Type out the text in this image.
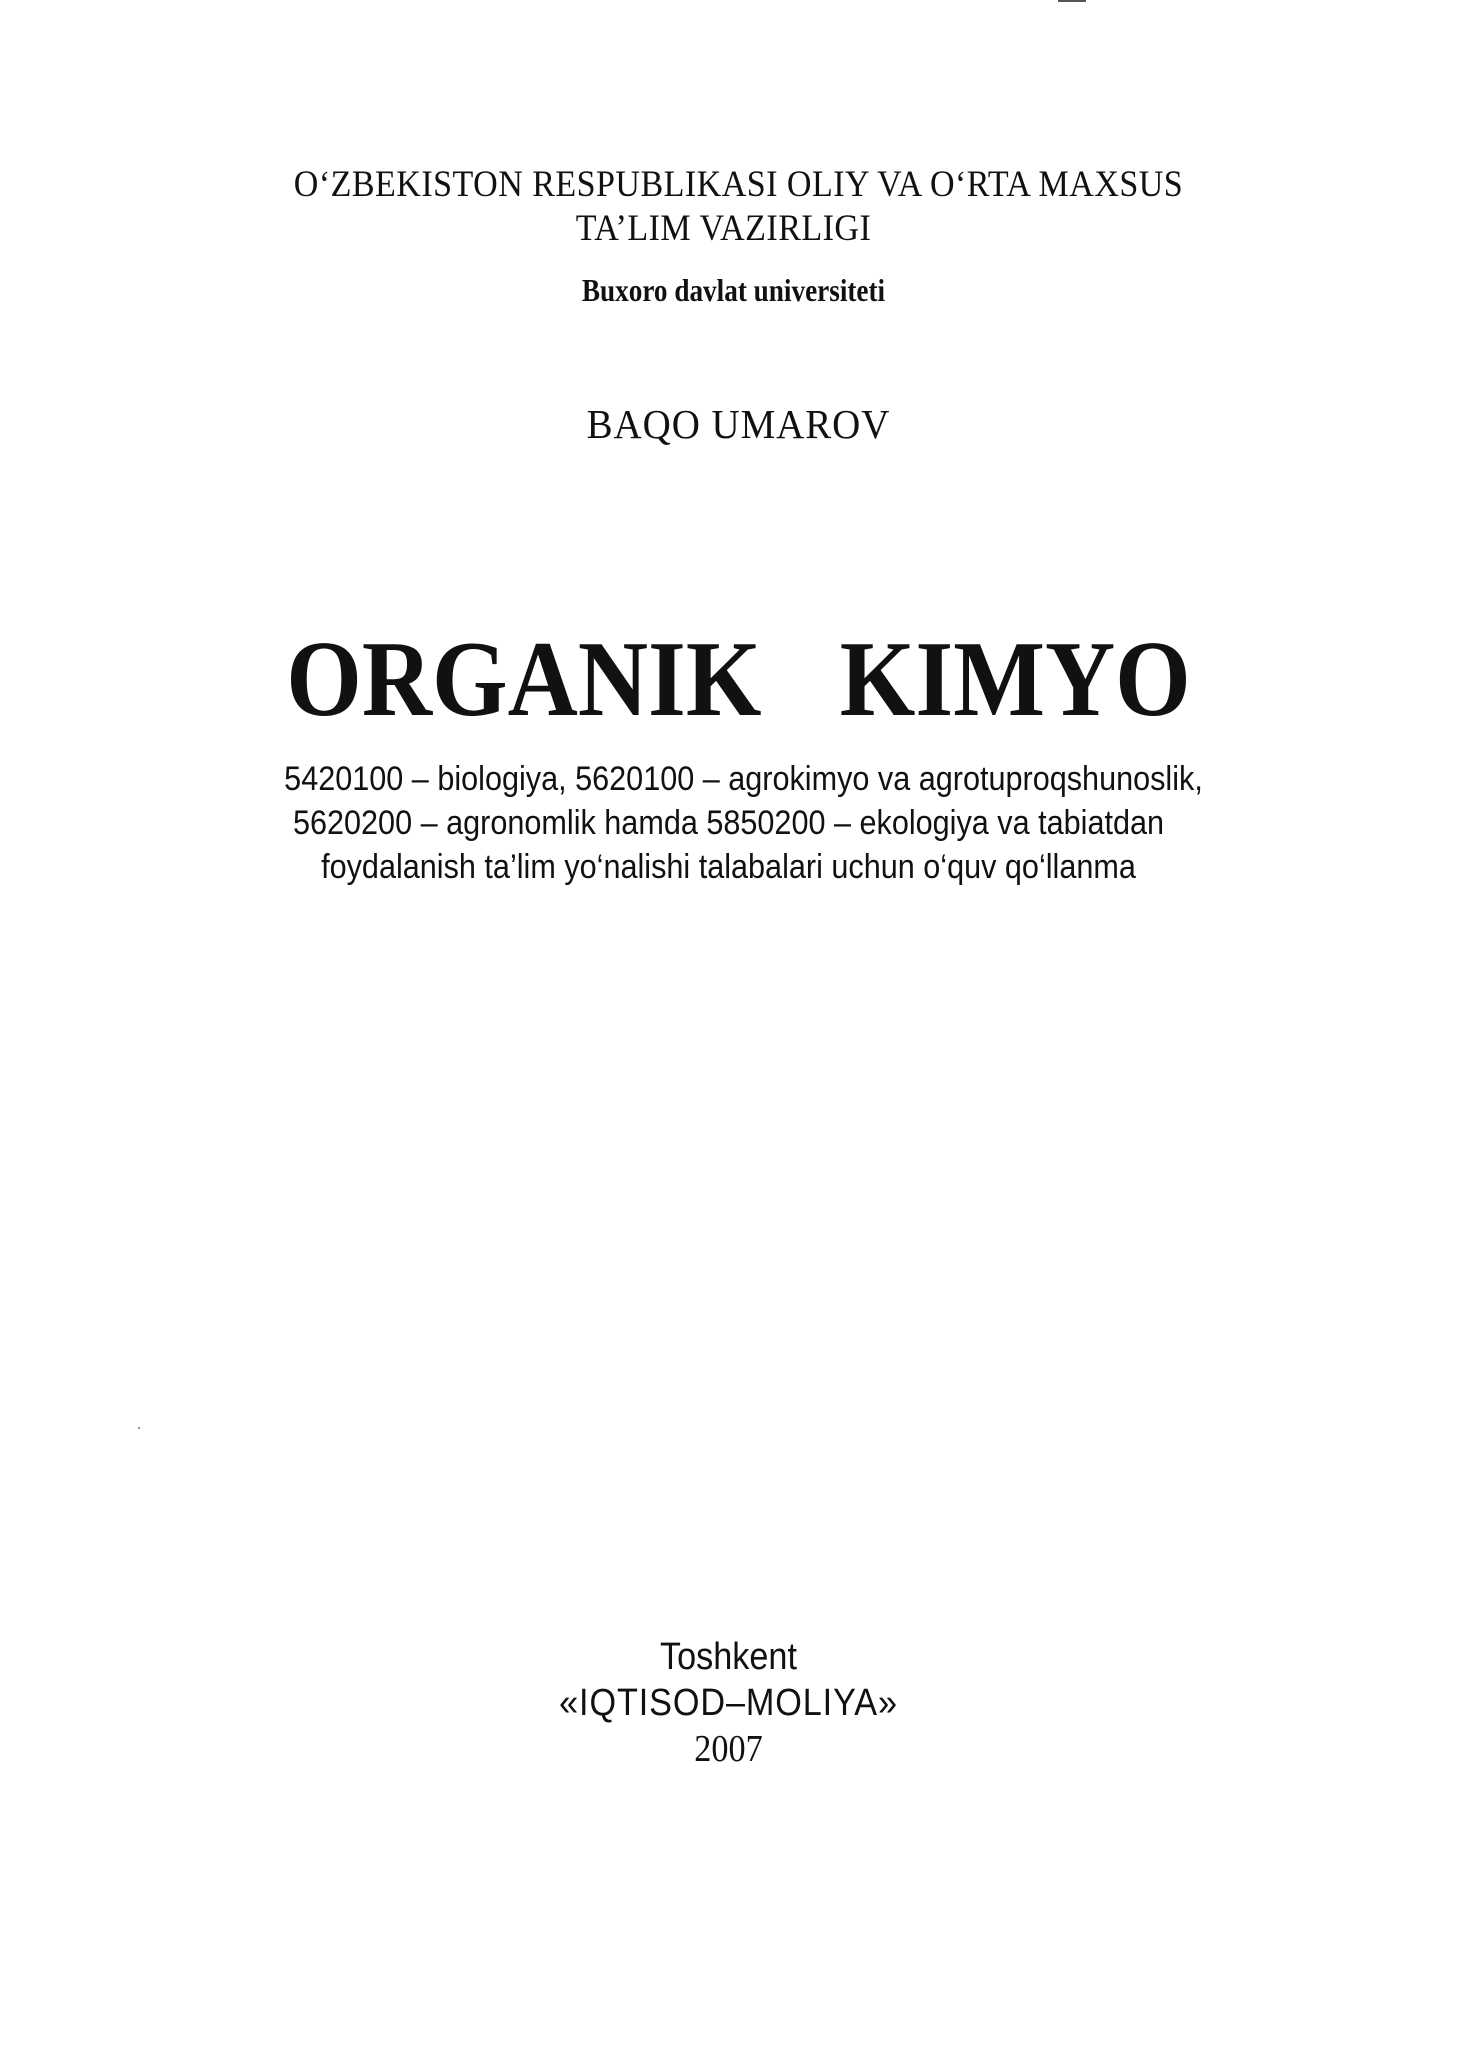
O‘ZBEKISTON RESPUBLIKASI OLIY VA O‘RTA MAXSUS
TA’LIM VAZIRLIGI
Buxoro davlat universiteti
BAQO UMAROV
ORGANIK KIMYO
5420100 – biologiya, 5620100 – agrokimyo va agrotuproqshunoslik,
5620200 – agronomlik hamda 5850200 – ekologiya va tabiatdan
foydalanish ta’lim yo‘nalishi talabalari uchun o‘quv qo‘llanma
Toshkent
«IQTISOD–MOLIYA»
2007
